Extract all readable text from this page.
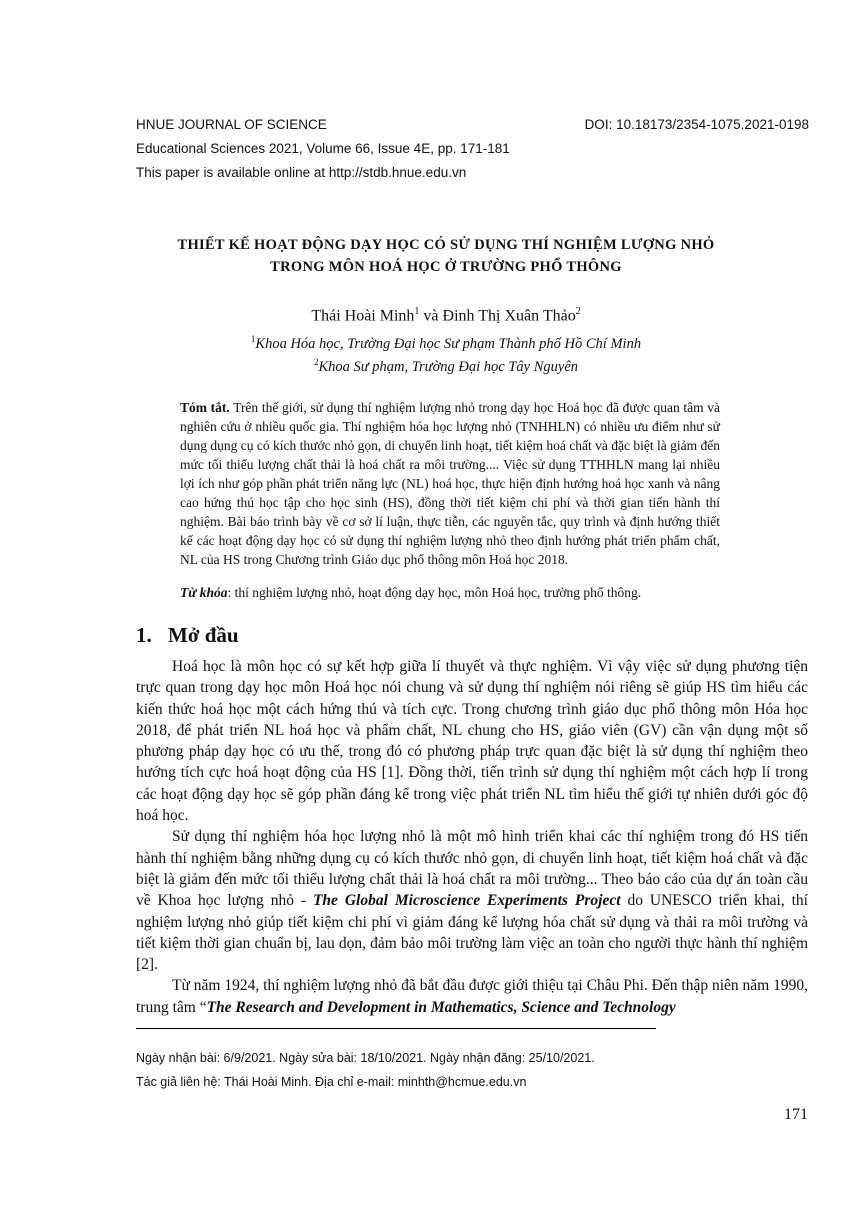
HNUE JOURNAL OF SCIENCE	DOI: 10.18173/2354-1075.2021-0198
Educational Sciences 2021, Volume 66, Issue 4E, pp. 171-181
This paper is available online at http://stdb.hnue.edu.vn
THIẾT KẾ HOẠT ĐỘNG DẠY HỌC CÓ SỬ DỤNG THÍ NGHIỆM LƯỢNG NHỎ
TRONG MÔN HOÁ HỌC Ở TRƯỜNG PHỔ THÔNG
Thái Hoài Minh$^1$ và Đinh Thị Xuân Thảo$^2$
$^1$Khoa Hóa học, Trường Đại học Sư phạm Thành phố Hồ Chí Minh
$^2$Khoa Sư phạm, Trường Đại học Tây Nguyên
Tóm tắt. Trên thế giới, sử dụng thí nghiệm lượng nhỏ trong dạy học Hoá học đã được quan tâm và nghiên cứu ở nhiều quốc gia. Thí nghiệm hóa học lượng nhỏ (TNHHLN) có nhiều ưu điểm như sử dụng dụng cụ có kích thước nhỏ gọn, di chuyển linh hoạt, tiết kiệm hoá chất và đặc biệt là giảm đến mức tối thiểu lượng chất thải là hoá chất ra môi trường.... Việc sử dụng TTHHLN mang lại nhiều lợi ích như góp phần phát triển năng lực (NL) hoá học, thực hiện định hướng hoá học xanh và nâng cao hứng thú học tập cho học sinh (HS), đồng thời tiết kiệm chi phí và thời gian tiến hành thí nghiệm. Bài báo trình bày về cơ sở lí luận, thực tiễn, các nguyên tắc, quy trình và định hướng thiết kế các hoạt động dạy học có sử dụng thí nghiệm lượng nhỏ theo định hướng phát triển phẩm chất, NL của HS trong Chương trình Giáo dục phổ thông môn Hoá học 2018.
Từ khóa: thí nghiệm lượng nhỏ, hoạt động dạy học, môn Hoá học, trường phổ thông.
1. Mở đầu

Hoá học là môn học có sự kết hợp giữa lí thuyết và thực nghiệm. Vì vậy việc sử dụng phương tiện trực quan trong dạy học môn Hoá học nói chung và sử dụng thí nghiệm nói riêng sẽ giúp HS tìm hiểu các kiến thức hoá học một cách hứng thú và tích cực. Trong chương trình giáo dục phổ thông môn Hóa học 2018, để phát triển NL hoá học và phẩm chất, NL chung cho HS, giáo viên (GV) cần vận dụng một số phương pháp dạy học có ưu thế, trong đó có phương pháp trực quan đặc biệt là sử dụng thí nghiệm theo hướng tích cực hoá hoạt động của HS [1]. Đồng thời, tiến trình sử dụng thí nghiệm một cách hợp lí trong các hoạt động dạy học sẽ góp phần đáng kể trong việc phát triển NL tìm hiểu thế giới tự nhiên dưới góc độ hoá học.

Sử dụng thí nghiệm hóa học lượng nhỏ là một mô hình triển khai các thí nghiệm trong đó HS tiến hành thí nghiệm bằng những dụng cụ có kích thước nhỏ gọn, di chuyển linh hoạt, tiết kiệm hoá chất và đặc biệt là giảm đến mức tối thiểu lượng chất thải là hoá chất ra môi trường... Theo báo cáo của dự án toàn cầu về Khoa học lượng nhỏ - The Global Microscience Experiments Project do UNESCO triển khai, thí nghiệm lượng nhỏ giúp tiết kiệm chi phí vì giảm đáng kể lượng hóa chất sử dụng và thải ra môi trường và tiết kiệm thời gian chuẩn bị, lau dọn, đảm bảo môi trường làm việc an toàn cho người thực hành thí nghiệm [2].

Từ năm 1924, thí nghiệm lượng nhỏ đã bắt đầu được giới thiệu tại Châu Phi. Đến thập niên năm 1990, trung tâm “The Research and Development in Mathematics, Science and Technology

Ngày nhận bài: 6/9/2021. Ngày sửa bài: 18/10/2021. Ngày nhận đăng: 25/10/2021.
Tác giả liên hệ: Thái Hoài Minh. Địa chỉ e-mail: minhth@hcmue.edu.vn
171
